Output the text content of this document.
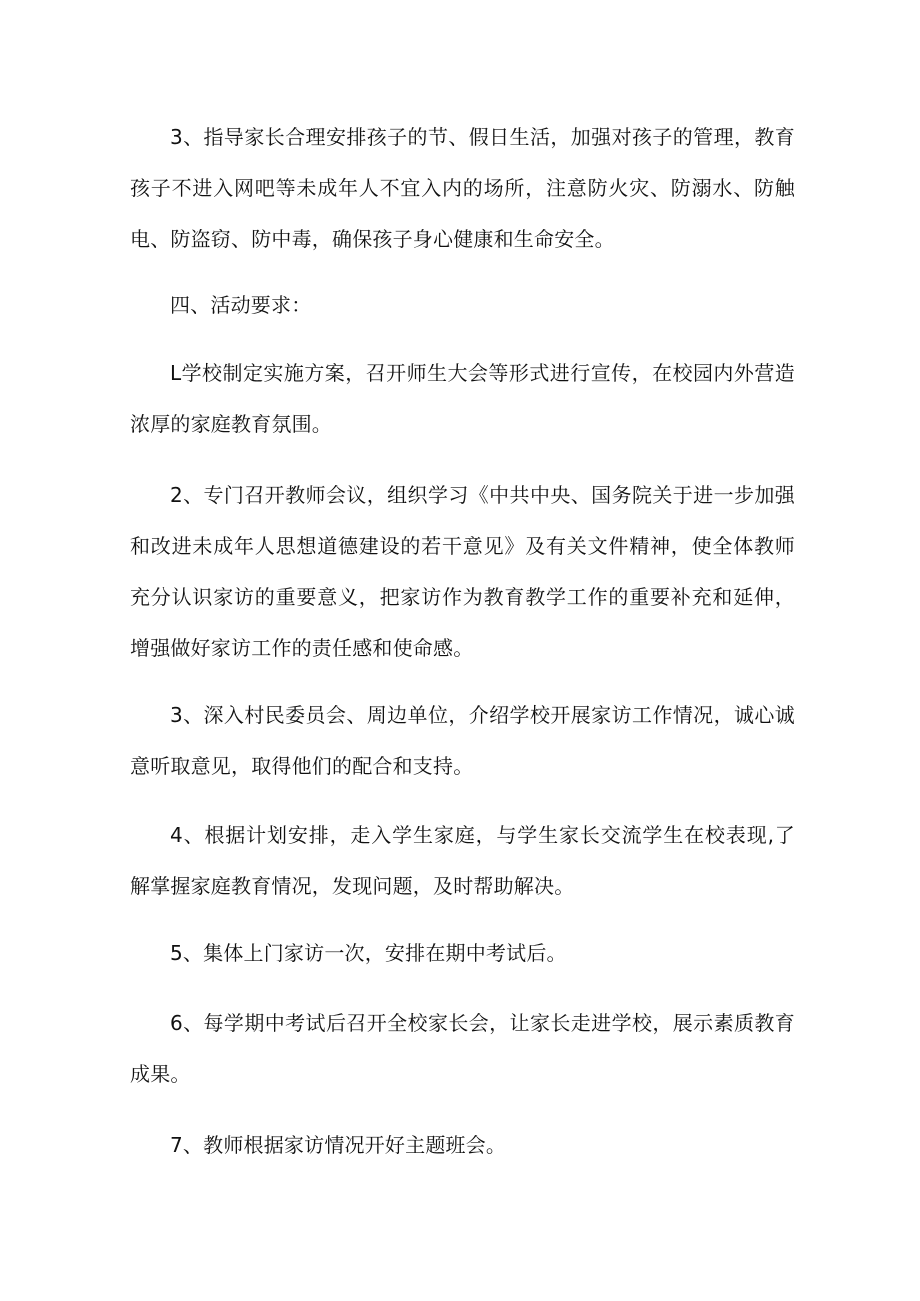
3、指导家长合理安排孩子的节、假日生活，加强对孩子的管理，教育孩子不进入网吧等未成年人不宜入内的场所，注意防火灾、防溺水、防触电、防盗窃、防中毒，确保孩子身心健康和生命安全。

四、活动要求：

L学校制定实施方案，召开师生大会等形式进行宣传，在校园内外营造浓厚的家庭教育氛围。

2、专门召开教师会议，组织学习《中共中央、国务院关于进一步加强和改进未成年人思想道德建设的若干意见》及有关文件精神，使全体教师充分认识家访的重要意义，把家访作为教育教学工作的重要补充和延伸，增强做好家访工作的责任感和使命感。

3、深入村民委员会、周边单位，介绍学校开展家访工作情况，诚心诚意听取意见，取得他们的配合和支持。

4、根据计划安排，走入学生家庭，与学生家长交流学生在校表现,了解掌握家庭教育情况，发现问题，及时帮助解决。

5、集体上门家访一次，安排在期中考试后。

6、每学期中考试后召开全校家长会，让家长走进学校，展示素质教育成果。

7、教师根据家访情况开好主题班会。
